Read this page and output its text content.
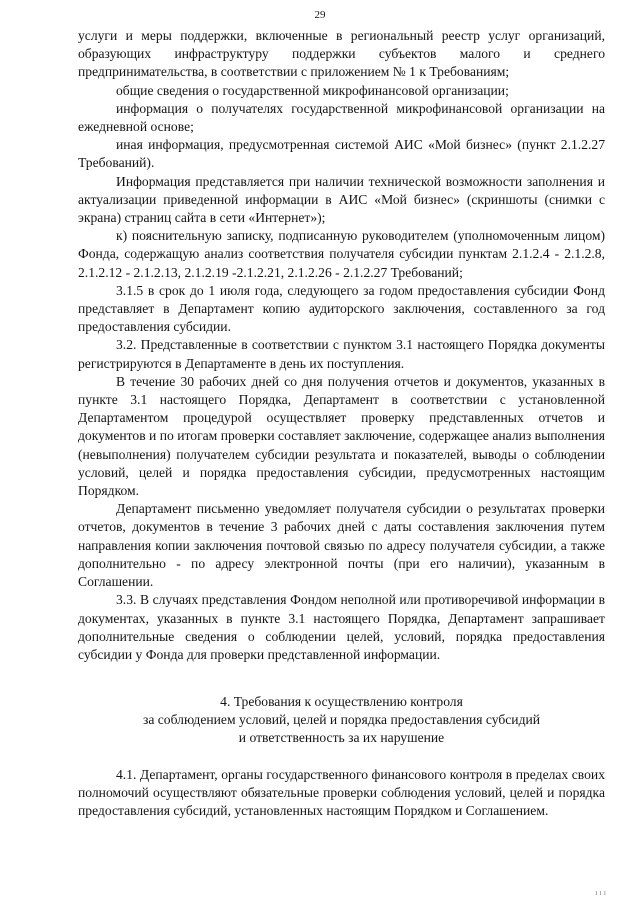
29

услуги и меры поддержки, включенные в региональный реестр услуг организаций, образующих инфраструктуру поддержки субъектов малого и среднего предпринимательства, в соответствии с приложением № 1 к Требованиям;

общие сведения о государственной микрофинансовой организации;

информация о получателях государственной микрофинансовой организации на ежедневной основе;

иная информация, предусмотренная системой АИС «Мой бизнес» (пункт 2.1.2.27 Требований).

Информация представляется при наличии технической возможности заполнения и актуализации приведенной информации в АИС «Мой бизнес» (скриншоты (снимки с экрана) страниц сайта в сети «Интернет»);

к) пояснительную записку, подписанную руководителем (уполномоченным лицом) Фонда, содержащую анализ соответствия получателя субсидии пунктам 2.1.2.4 - 2.1.2.8, 2.1.2.12 - 2.1.2.13, 2.1.2.19 -2.1.2.21, 2.1.2.26 - 2.1.2.27 Требований;

3.1.5 в срок до 1 июля года, следующего за годом предоставления субсидии Фонд представляет в Департамент копию аудиторского заключения, составленного за год предоставления субсидии.

3.2. Представленные в соответствии с пунктом 3.1 настоящего Порядка документы регистрируются в Департаменте в день их поступления.

В течение 30 рабочих дней со дня получения отчетов и документов, указанных в пункте 3.1 настоящего Порядка, Департамент в соответствии с установленной Департаментом процедурой осуществляет проверку представленных отчетов и документов и по итогам проверки составляет заключение, содержащее анализ выполнения (невыполнения) получателем субсидии результата и показателей, выводы о соблюдении условий, целей и порядка предоставления субсидии, предусмотренных настоящим Порядком.

Департамент письменно уведомляет получателя субсидии о результатах проверки отчетов, документов в течение 3 рабочих дней с даты составления заключения путем направления копии заключения почтовой связью по адресу получателя субсидии, а также дополнительно - по адресу электронной почты (при его наличии), указанным в Соглашении.

3.3. В случаях представления Фондом неполной или противоречивой информации в документах, указанных в пункте 3.1 настоящего Порядка, Департамент запрашивает дополнительные сведения о соблюдении целей, условий, порядка предоставления субсидии у Фонда для проверки представленной информации.

4. Требования к осуществлению контроля
за соблюдением условий, целей и порядка предоставления субсидий
и ответственность за их нарушение

4.1. Департамент, органы государственного финансового контроля в пределах своих полномочий осуществляют обязательные проверки соблюдения условий, целей и порядка предоставления субсидий, установленных настоящим Порядком и Соглашением.

ııı
